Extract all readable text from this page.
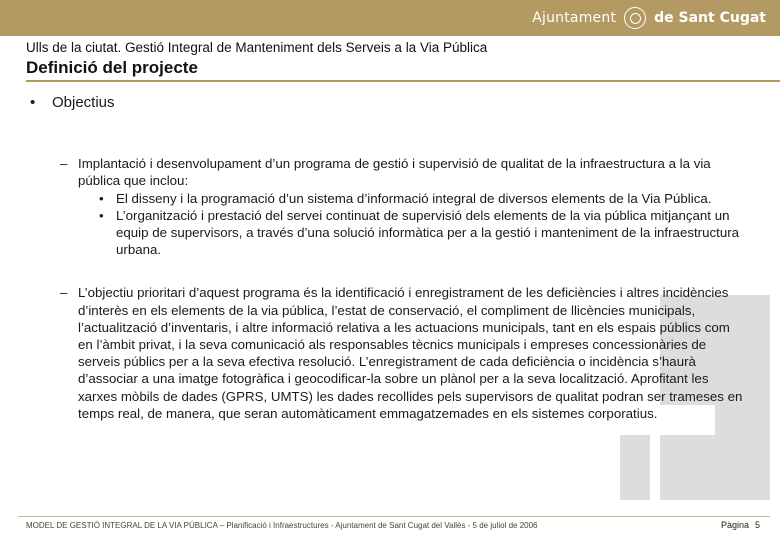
Ajuntament	de Sant Cugat
Ulls de la ciutat. Gestió Integral de Manteniment dels Serveis a la Via Pública
Definició del projecte
•	Objectius
– Implantació i desenvolupament d’un programa de gestió i supervisió de qualitat de la infraestructura a la via pública que inclou:
• El disseny i la programació d’un sistema d’informació integral de diversos elements de la Via Pública.
• L’organització i prestació del servei continuat de supervisió dels elements de la via pública mitjançant un equip de supervisors, a través d’una solució informàtica per a la gestió i manteniment de la infraestructura urbana.
– L’objectiu prioritari d’aquest programa és la identificació i enregistrament de les deficiències i altres incidències d’interès en els elements de la via pública, l’estat de conservació, el compliment de llicències municipals, l’actualització d’inventaris, i altre informació relativa a les actuacions municipals, tant en els espais públics com en l’àmbit privat, i la seva comunicació als responsables tècnics municipals i empreses concessionàries de serveis públics per a la seva efectiva resolució. L’enregistrament de cada deficiència o incidència s’haurà d’associar a una imatge fotogràfica i geocodificar-la sobre un plànol per a la seva localització. Aprofitant les xarxes mòbils de dades (GPRS, UMTS) les dades recollides pels supervisors de qualitat podran ser trameses en temps real, de manera, que seran automàticament emmagatzemades en els sistemes corporatius.
MODEL DE GESTIÓ INTEGRAL DE LA VIA PÚBLICA – Planificació i Infraestructures - Ajuntament de Sant Cugat del Vallès - 5 de juliol de 2006	Pàgina 5
